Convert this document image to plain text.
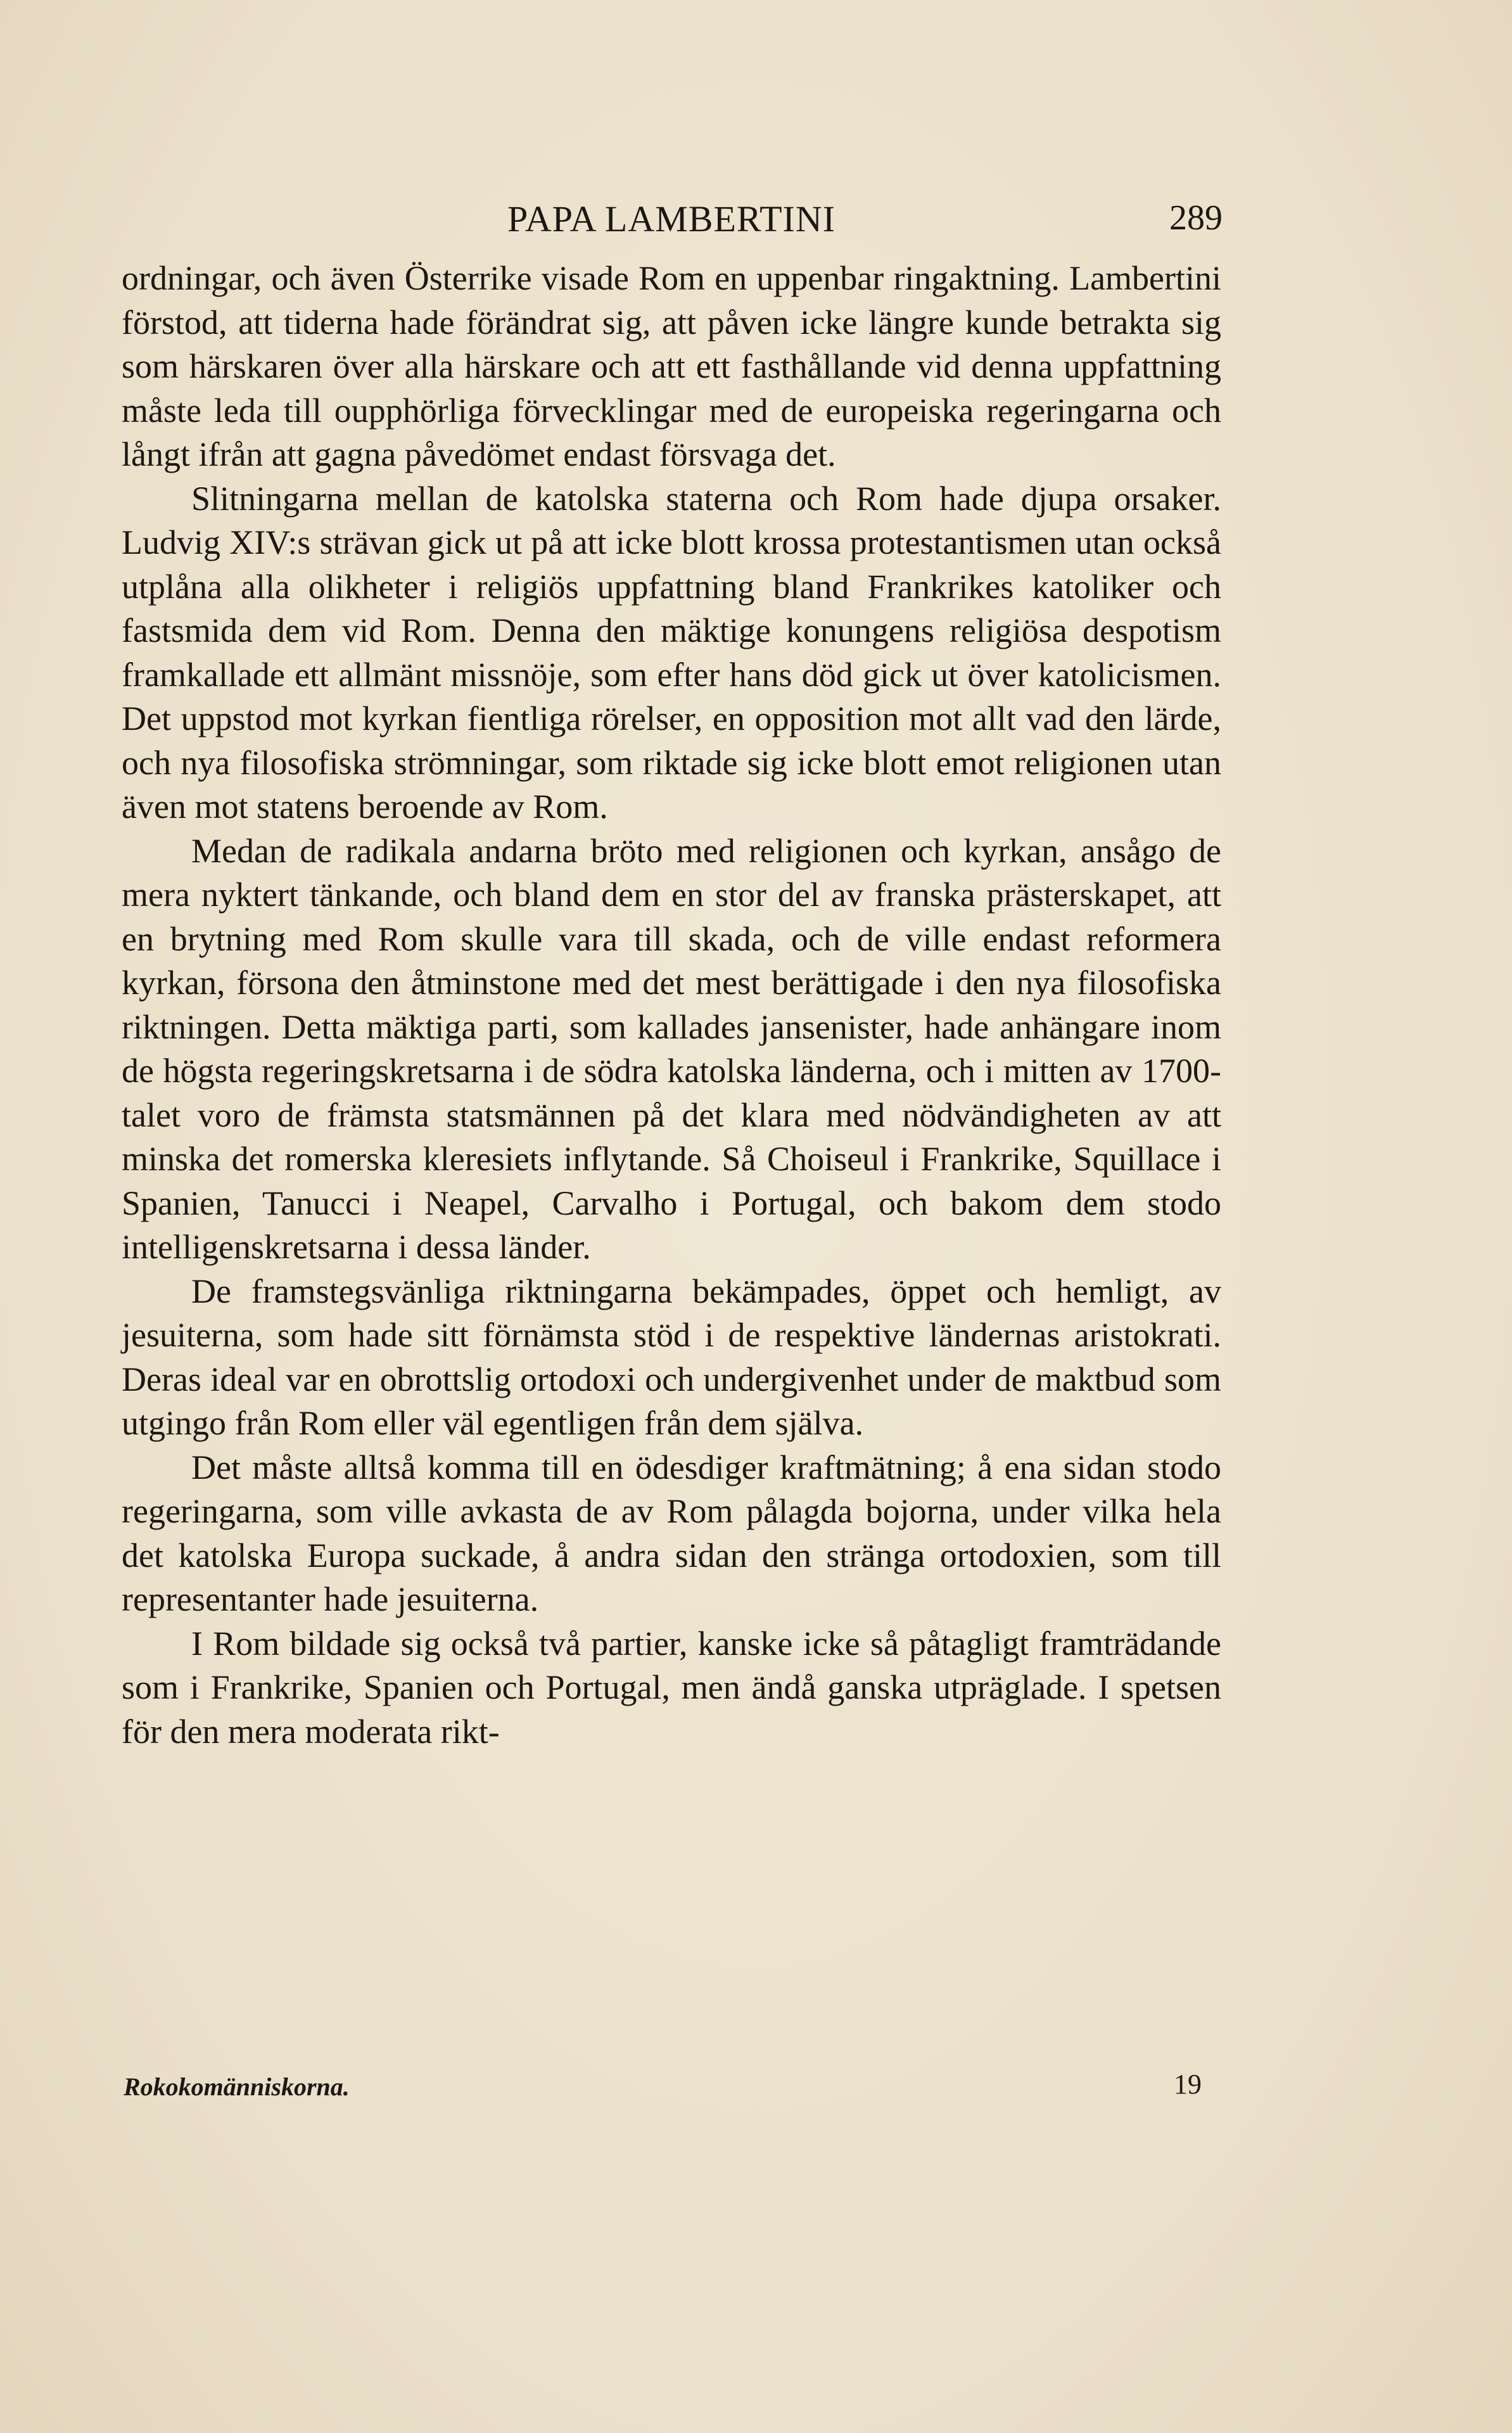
PAPA LAMBERTINI	289

ordningar, och även Österrike visade Rom en uppenbar ringaktning. Lambertini förstod, att tiderna hade förändrat sig, att påven icke längre kunde betrakta sig som härskaren över alla härskare och att ett fasthållande vid denna uppfattning måste leda till oupphörliga förvecklingar med de europeiska regeringarna och långt ifrån att gagna påvedömet endast försvaga det.

Slitningarna mellan de katolska staterna och Rom hade djupa orsaker. Ludvig XIV:s strävan gick ut på att icke blott krossa protestantismen utan också utplåna alla olikheter i religiös uppfattning bland Frankrikes katoliker och fastsmida dem vid Rom. Denna den mäktige konungens religiösa despotism framkallade ett allmänt missnöje, som efter hans död gick ut över katolicismen. Det uppstod mot kyrkan fientliga rörelser, en opposition mot allt vad den lärde, och nya filosofiska strömningar, som riktade sig icke blott emot religionen utan även mot statens beroende av Rom.

Medan de radikala andarna bröto med religionen och kyrkan, ansågo de mera nyktert tänkande, och bland dem en stor del av franska prästerskapet, att en brytning med Rom skulle vara till skada, och de ville endast reformera kyrkan, försona den åtminstone med det mest berättigade i den nya filosofiska riktningen. Detta mäktiga parti, som kallades jansenister, hade anhängare inom de högsta regeringskretsarna i de södra katolska länderna, och i mitten av 1700-talet voro de främsta statsmännen på det klara med nödvändigheten av att minska det romerska kleresiets inflytande. Så Choiseul i Frankrike, Squillace i Spanien, Tanucci i Neapel, Carvalho i Portugal, och bakom dem stodo intelligenskretsarna i dessa länder.

De framstegsvänliga riktningarna bekämpades, öppet och hemligt, av jesuiterna, som hade sitt förnämsta stöd i de respektive ländernas aristokrati. Deras ideal var en obrottslig ortodoxi och undergivenhet under de maktbud som utgingo från Rom eller väl egentligen från dem själva.

Det måste alltså komma till en ödesdiger kraftmätning; å ena sidan stodo regeringarna, som ville avkasta de av Rom pålagda bojorna, under vilka hela det katolska Europa suckade, å andra sidan den stränga ortodoxien, som till representanter hade jesuiterna.

I Rom bildade sig också två partier, kanske icke så påtagligt framträdande som i Frankrike, Spanien och Portugal, men ändå ganska utpräglade. I spetsen för den mera moderata rikt-

Rokokomänniskorna.	19
